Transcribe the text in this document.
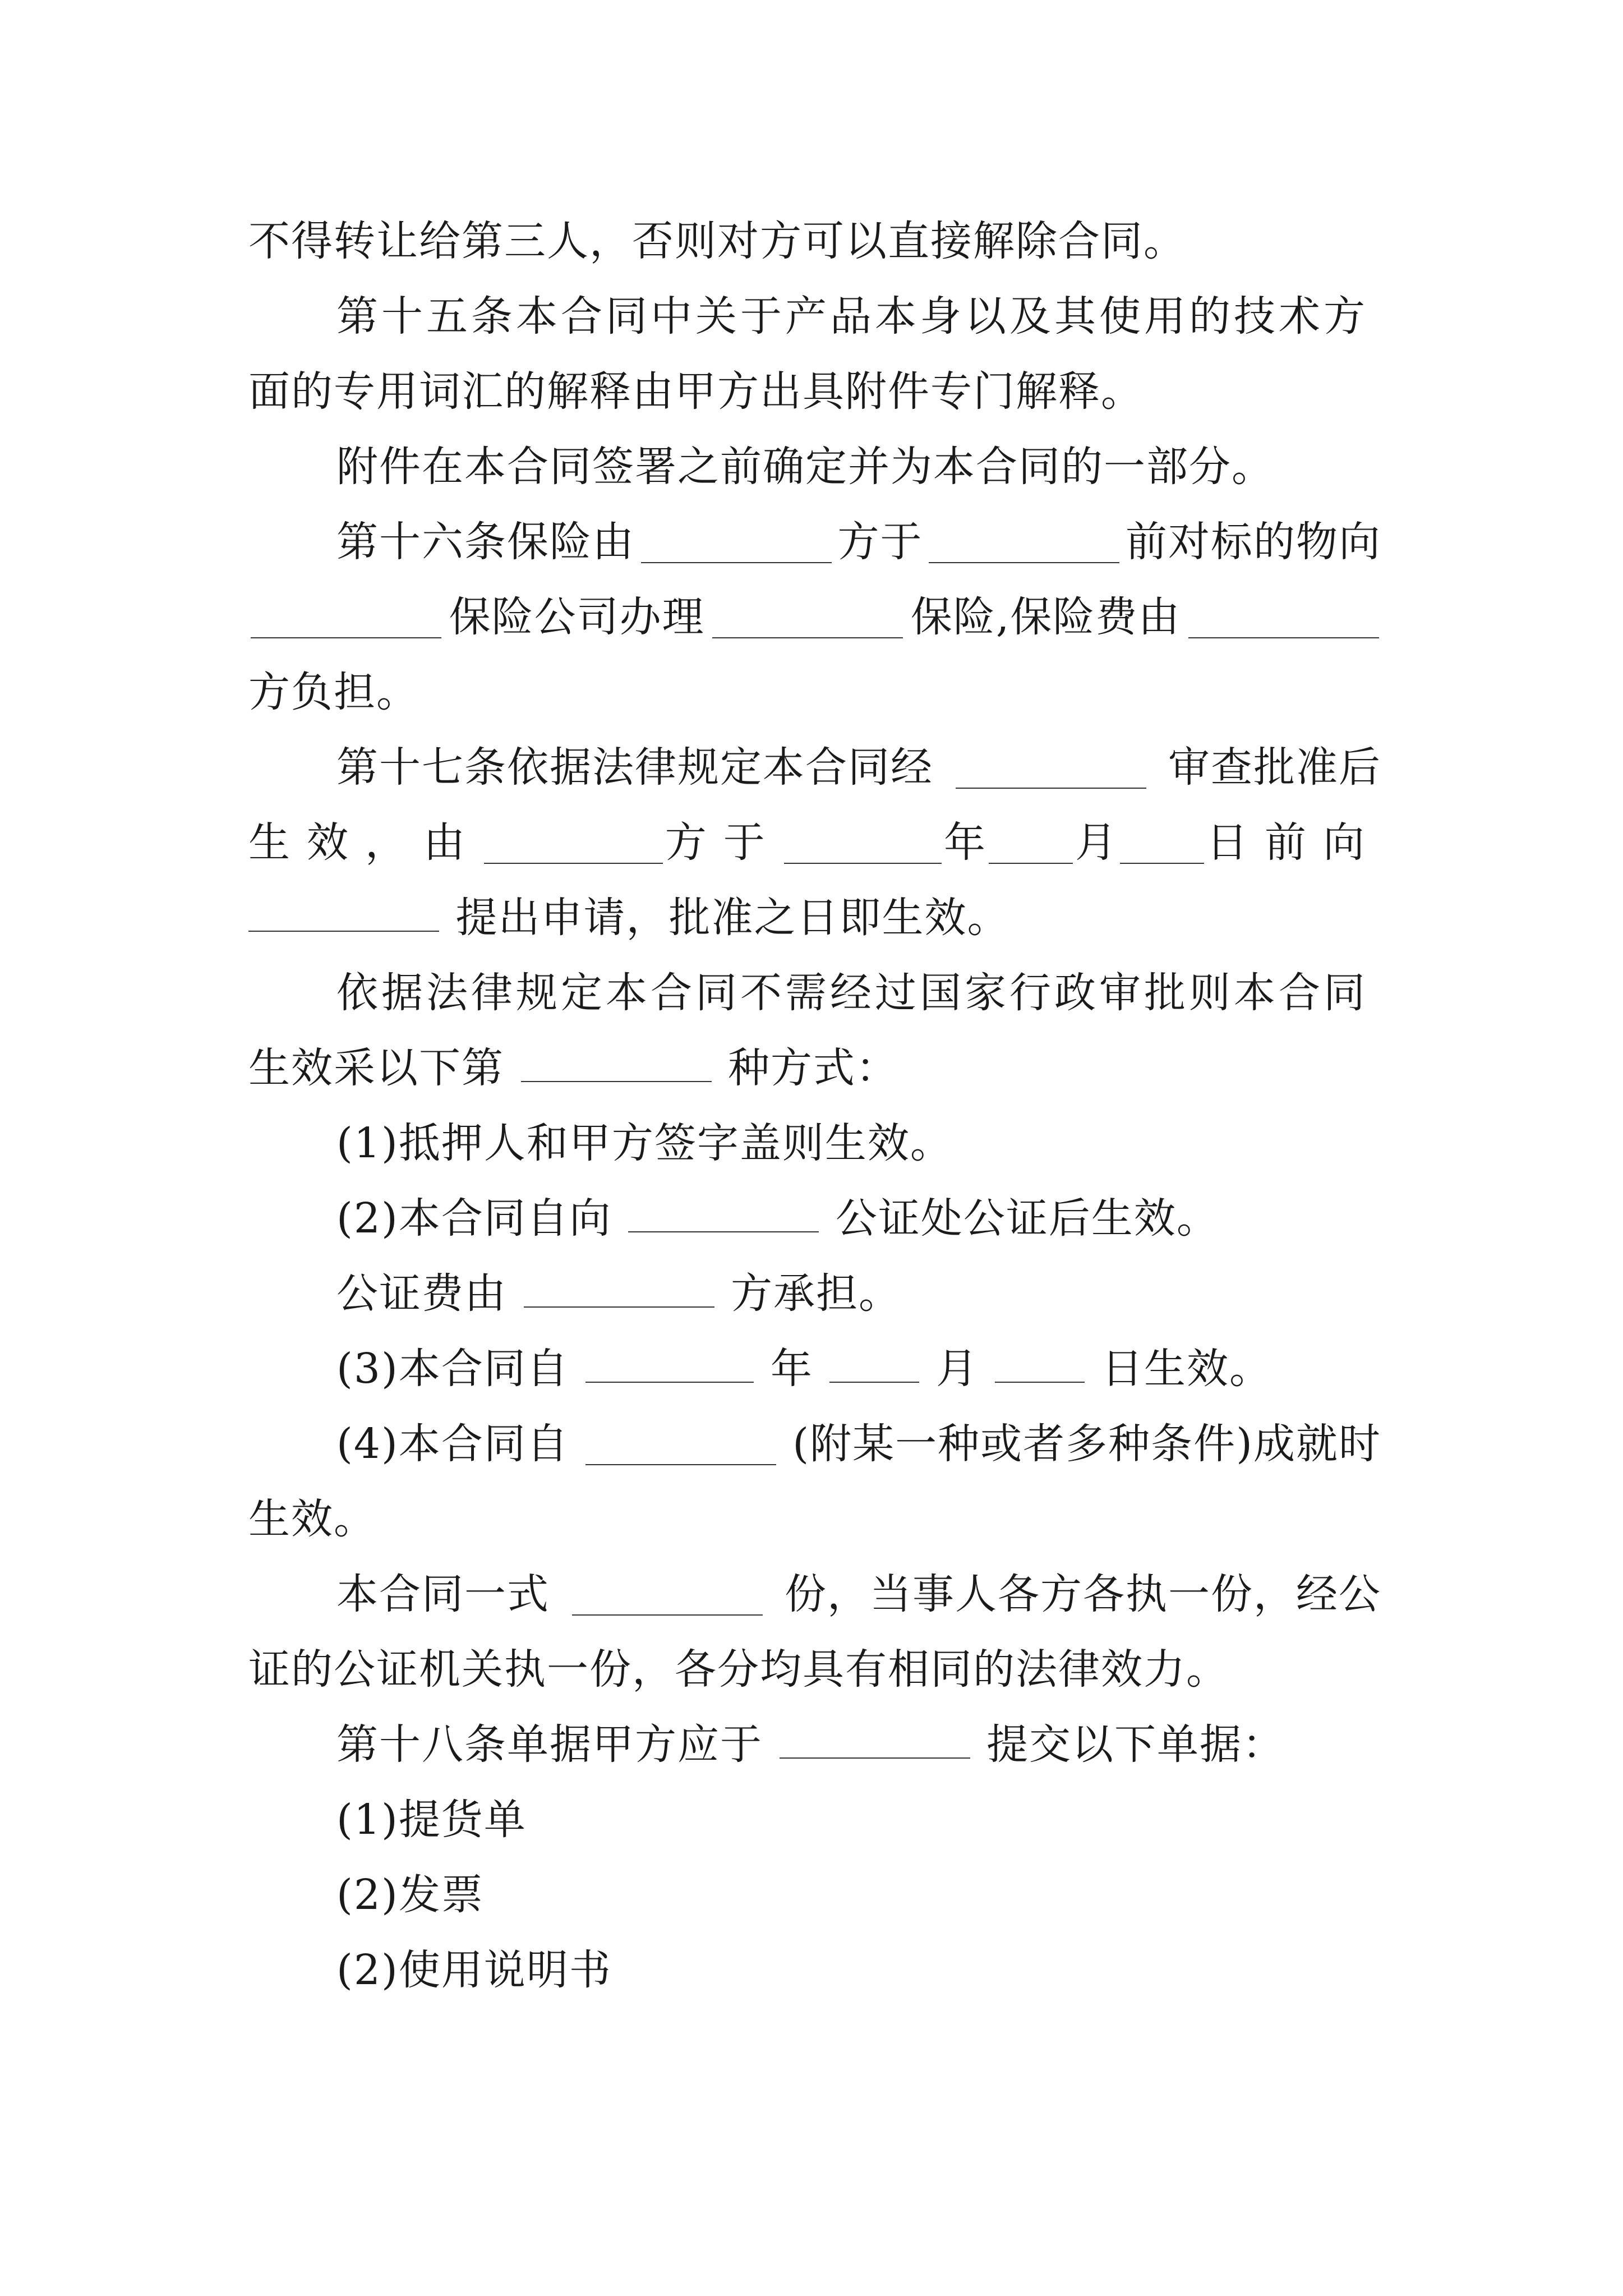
不得转让给第三人，否则对方可以直接解除合同。
第十五条本合同中关于产品本身以及其使用的技术方
面的专用词汇的解释由甲方出具附件专门解释。
附件在本合同签署之前确定并为本合同的一部分。
第十六条保险由	方于	前对标的物向
保险公司办理	保险,保险费由
方负担。
第十七条依据法律规定本合同经	审查批准后
生效，由	方于	年 月 日前向
提出申请，批准之日即生效。
依据法律规定本合同不需经过国家行政审批则本合同
生效采以下第	种方式：
(1)抵押人和甲方签字盖则生效。
(2)本合同自向	公证处公证后生效。
公证费由	方承担。
(3)本合同自	年	月	日生效。
(4)本合同自	(附某一种或者多种条件)成就时
生效。
本合同一式	份，当事人各方各执一份，经公
证的公证机关执一份，各分均具有相同的法律效力。
第十八条单据甲方应于	提交以下单据：
(1)提货单
(2)发票
(2)使用说明书
